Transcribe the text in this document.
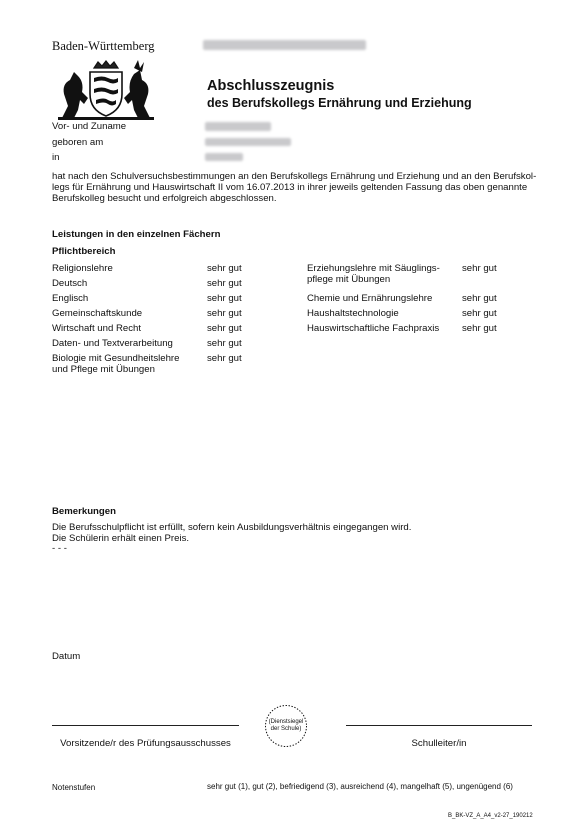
Baden-Württemberg
Abschlusszeugnis
des Berufskollegs Ernährung und Erziehung
Vor- und Zuname
geboren am
in
hat nach den Schulversuchsbestimmungen an den Berufskollegs Ernährung und Erziehung und an den Berufskol-
legs für Ernährung und Hauswirtschaft II vom 16.07.2013 in ihrer jeweils geltenden Fassung das oben genannte
Berufskolleg besucht und erfolgreich abgeschlossen.
Leistungen in den einzelnen Fächern
Pflichtbereich
Religionslehre	sehr gut
Deutsch	sehr gut
Englisch	sehr gut
Gemeinschaftskunde	sehr gut
Wirtschaft und Recht	sehr gut
Daten- und Textverarbeitung	sehr gut
Biologie mit Gesundheitslehre
und Pflege mit Übungen
sehr gut
Erziehungslehre mit Säuglings-
pflege mit Übungen
sehr gut
Chemie und Ernährungslehre	sehr gut
Haushaltstechnologie	sehr gut
Hauswirtschaftliche Fachpraxis sehr gut
Bemerkungen
Die Berufsschulpflicht ist erfüllt, sofern kein Ausbildungsverhältnis eingegangen wird.
Die Schülerin erhält einen Preis.
- - -
Datum
(Dienstsiegel
der Schule)
Vorsitzende/r des Prüfungsausschusses	Schulleiter/in
Notenstufen	sehr gut (1), gut (2), befriedigend (3), ausreichend (4), mangelhaft (5), ungenügend (6)
B_BK-VZ_A_A4_v2-27_190212
